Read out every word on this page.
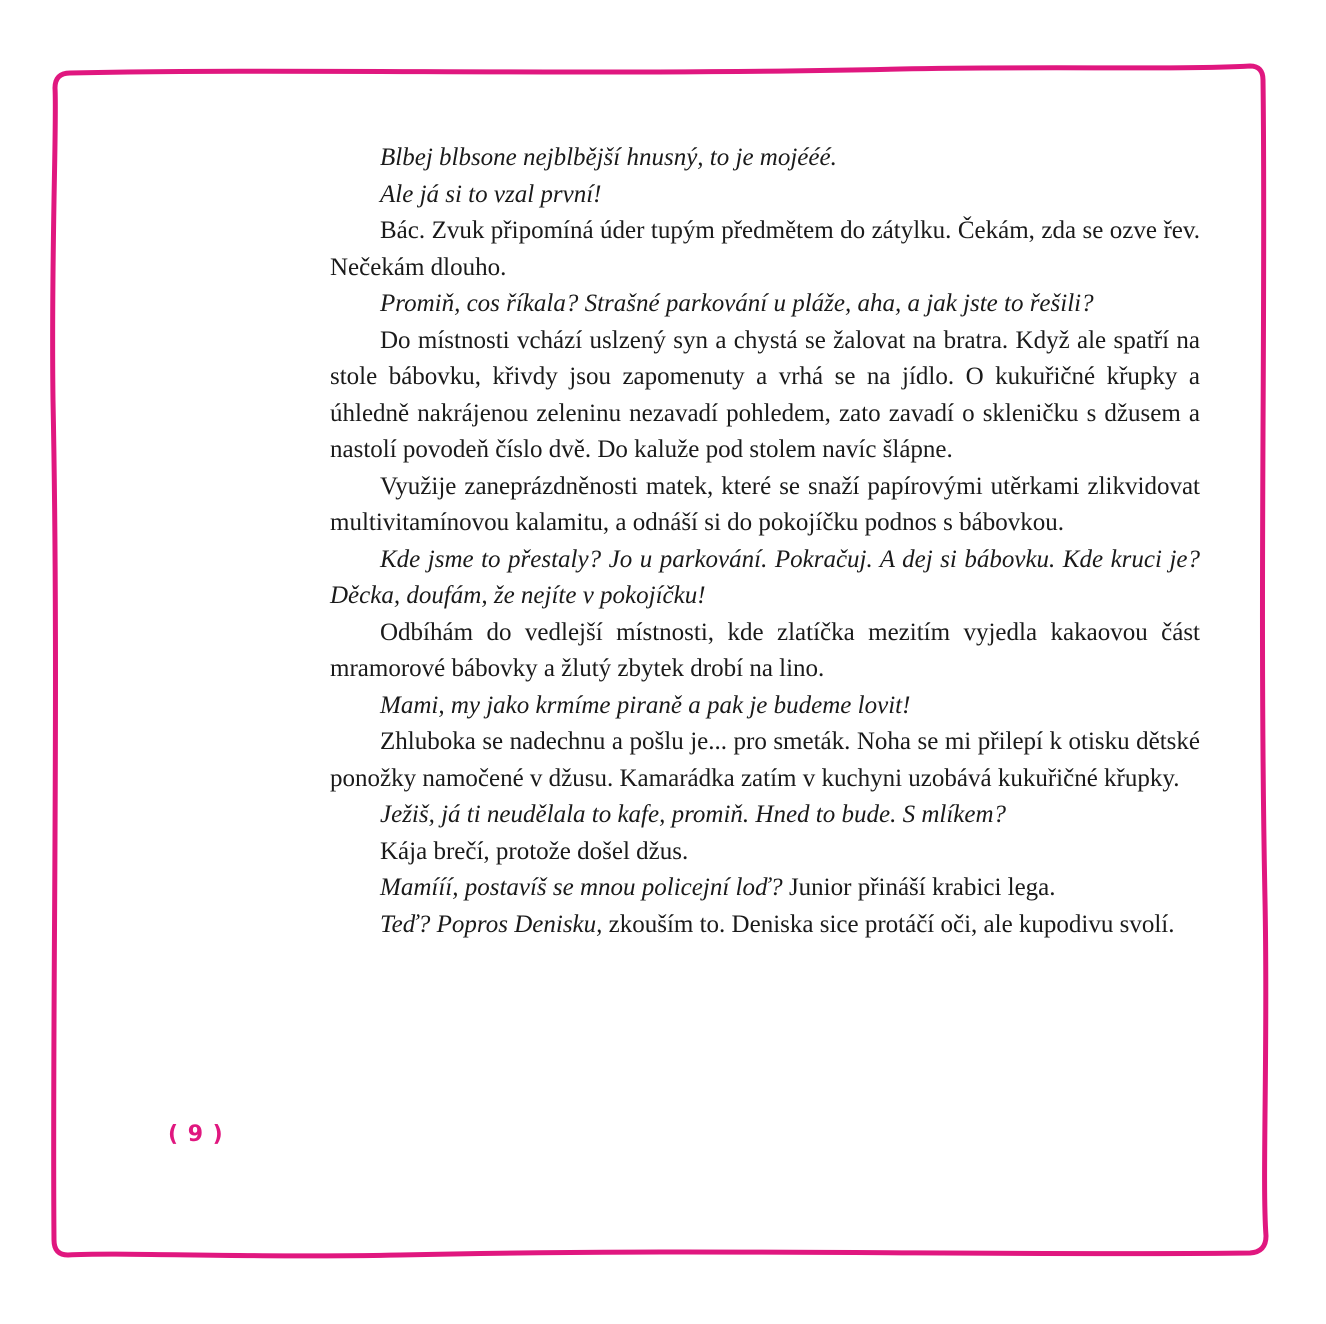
( 9 )

Blbej blbsone nejblbější hnusný, to je mojééé.

Ale já si to vzal první!

Bác. Zvuk připomíná úder tupým předmětem do zátylku. Čekám, zda se ozve řev. Nečekám dlouho.

Promiň, cos říkala? Strašné parkování u pláže, aha, a jak jste to řešili?

Do místnosti vchází uslzený syn a chystá se žalovat na bratra. Když ale spatří na stole bábovku, křivdy jsou zapomenuty a vrhá se na jídlo. O kukuřičné křupky a úhledně nakrájenou zeleninu nezavadí pohledem, zato zavadí o skleničku s džusem a nastolí povodeň číslo dvě. Do kaluže pod stolem navíc šlápne.

Využije zaneprázdněnosti matek, které se snaží papírovými utěrkami zlikvidovat multivitamínovou kalamitu, a odnáší si do pokojíčku podnos s bábovkou.

Kde jsme to přestaly? Jo u parkování. Pokračuj. A dej si bábovku. Kde kruci je? Děcka, doufám, že nejíte v pokojíčku!

Odbíhám do vedlejší místnosti, kde zlatíčka mezitím vyjedla kakaovou část mramorové bábovky a žlutý zbytek drobí na lino.

Mami, my jako krmíme piraně a pak je budeme lovit!

Zhluboka se nadechnu a pošlu je... pro smeták. Noha se mi přilepí k otisku dětské ponožky namočené v džusu. Kamarádka zatím v kuchyni uzobává kukuřičné křupky.

Ježiš, já ti neudělala to kafe, promiň. Hned to bude. S mlíkem?

Kája brečí, protože došel džus.

Mamííí, postavíš se mnou policejní loď? Junior přináší krabici lega.

Teď? Popros Denisku, zkouším to. Deniska sice protáčí oči, ale kupodivu svolí.
